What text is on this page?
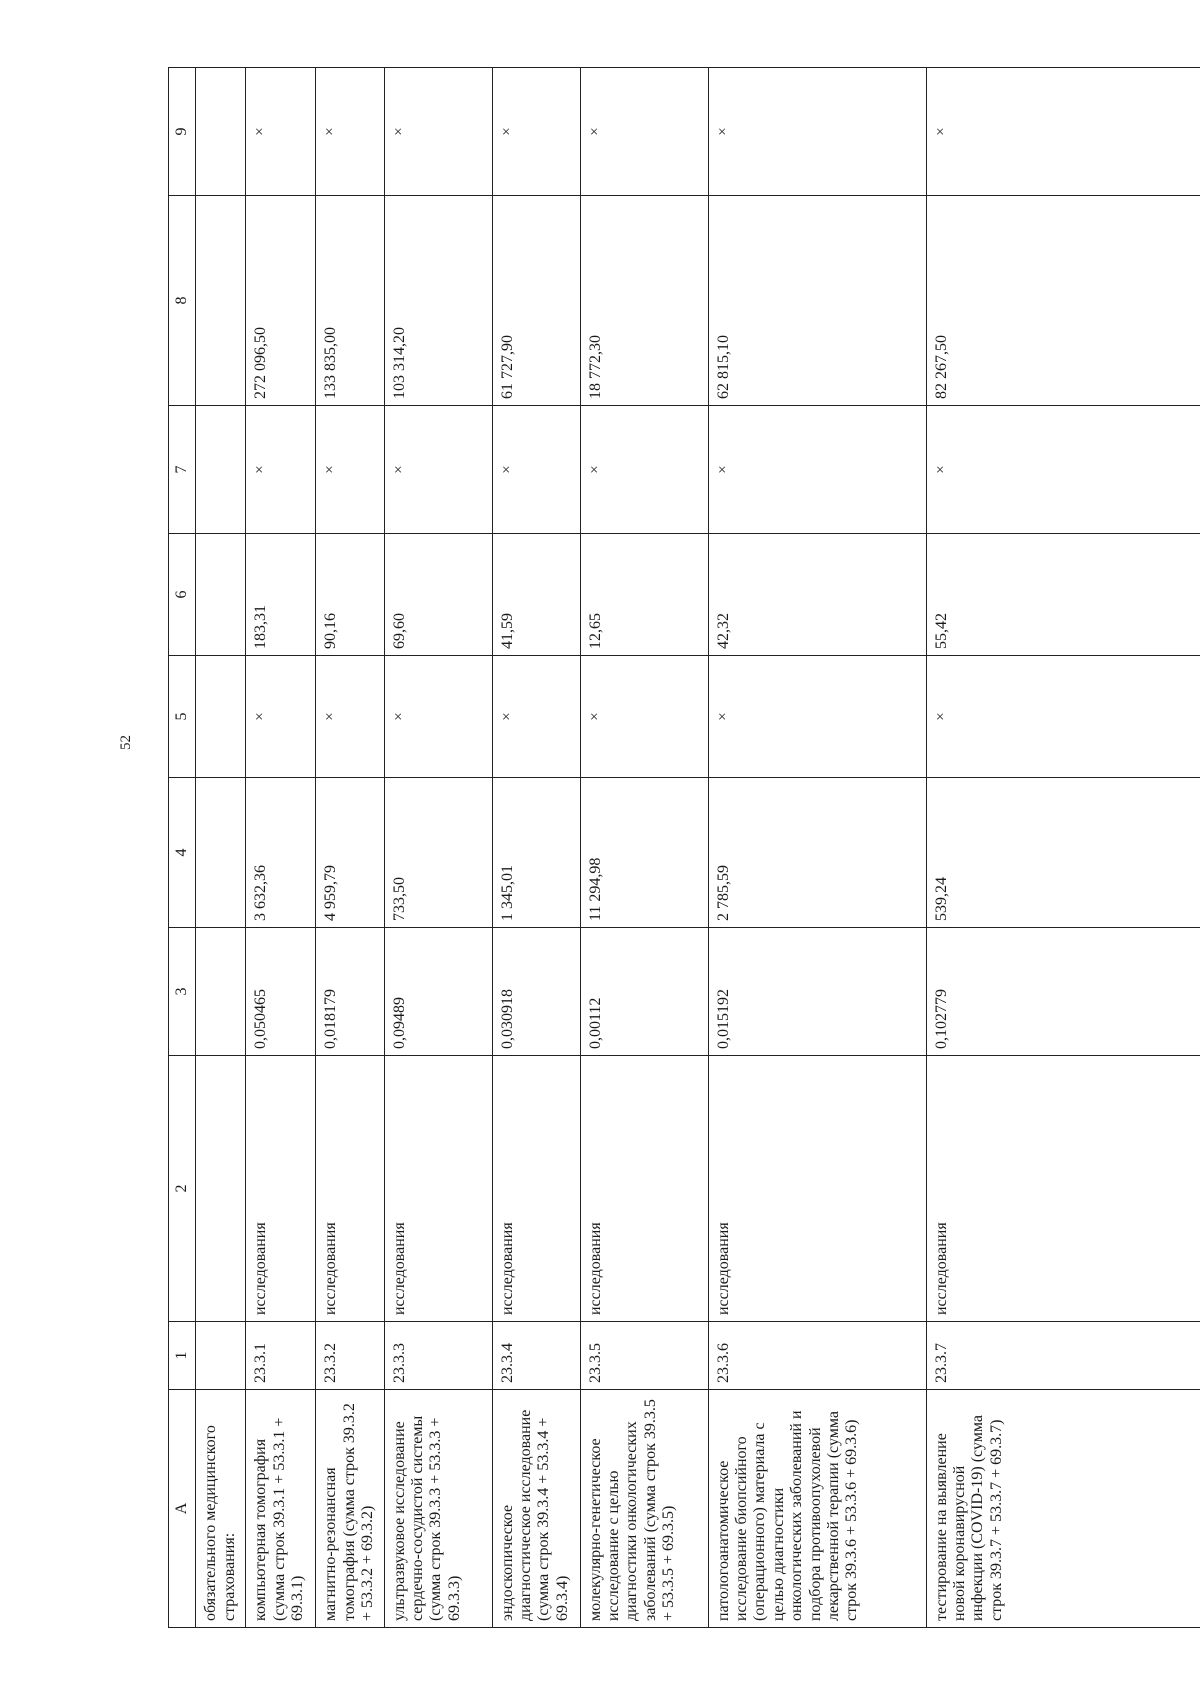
52
А	1	2	3	4	5	6	7	8	9
обязательного медицинского страхования:									
компьютерная томография (сумма строк 39.3.1 + 53.3.1 + 69.3.1)	23.3.1	исследования	0,050465	3 632,36	×	183,31	×	272 096,50	×
магнитно-резонансная томография (сумма строк 39.3.2 + 53.3.2 + 69.3.2)	23.3.2	исследования	0,018179	4 959,79	×	90,16	×	133 835,00	×
ультразвуковое исследование сердечно-сосудистой системы (сумма строк 39.3.3 + 53.3.3 + 69.3.3)	23.3.3	исследования	0,09489	733,50	×	69,60	×	103 314,20	×
эндоскопическое диагностическое исследование (сумма строк 39.3.4 + 53.3.4 + 69.3.4)	23.3.4	исследования	0,030918	1 345,01	×	41,59	×	61 727,90	×
молекулярно-генетическое исследование с целью диагностики онкологических заболеваний (сумма строк 39.3.5 + 53.3.5 + 69.3.5)	23.3.5	исследования	0,00112	11 294,98	×	12,65	×	18 772,30	×
патологоанатомическое исследование биопсийного (операционного) материала с целью диагностики онкологических заболеваний и подбора противоопухолевой лекарственной терапии (сумма строк 39.3.6 + 53.3.6 + 69.3.6)	23.3.6	исследования	0,015192	2 785,59	×	42,32	×	62 815,10	×
тестирование на выявление новой коронавирусной инфекции (COVID-19) (сумма строк 39.3.7 + 53.3.7 + 69.3.7)	23.3.7	исследования	0,102779	539,24	×	55,42	×	82 267,50	×
